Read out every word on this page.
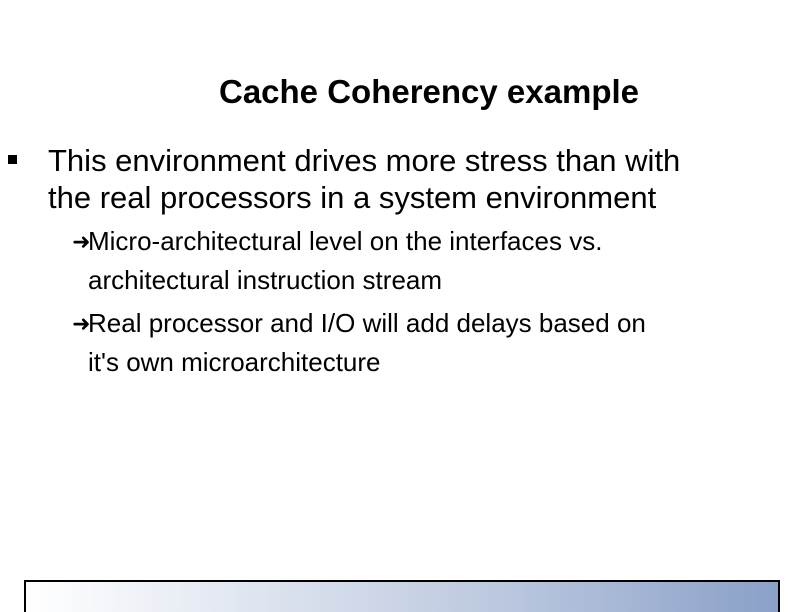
Cache Coherency example
This environment drives more stress than with
the real processors in a system environment
➜
Micro-architectural level on the interfaces vs.
architectural instruction stream
➜
Real processor and I/O will add delays based on
it's own microarchitecture
